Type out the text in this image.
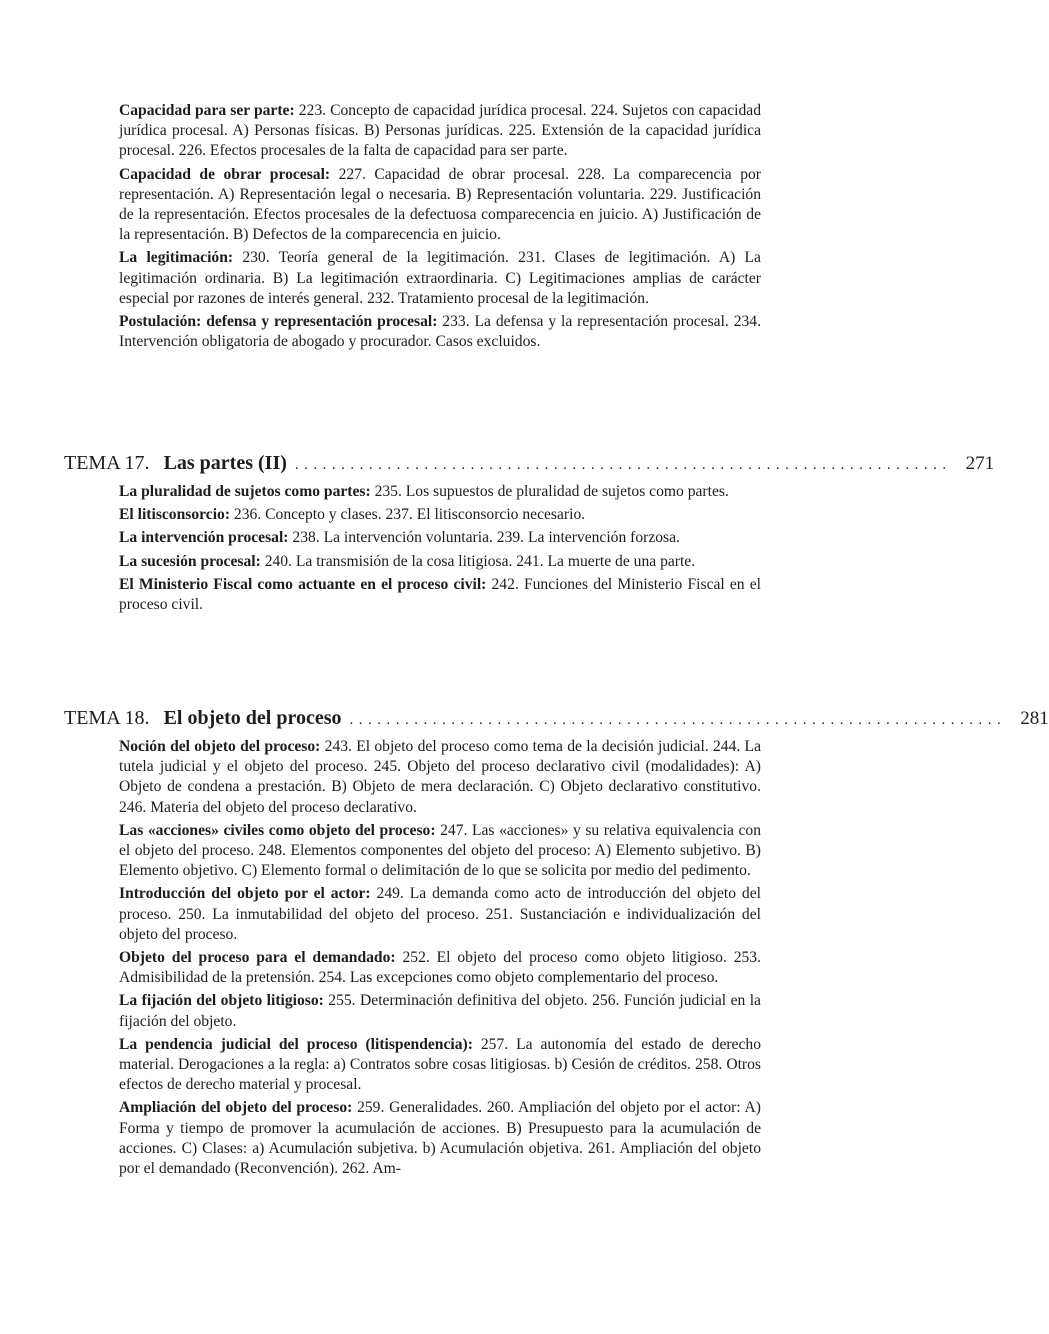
Capacidad para ser parte: 223. Concepto de capacidad jurídica procesal. 224. Sujetos con capacidad jurídica procesal. A) Personas físicas. B) Personas jurídicas. 225. Extensión de la capacidad jurídica procesal. 226. Efectos procesales de la falta de capacidad para ser parte.

Capacidad de obrar procesal: 227. Capacidad de obrar procesal. 228. La comparecencia por representación. A) Representación legal o necesaria. B) Representación voluntaria. 229. Justificación de la representación. Efectos procesales de la defectuosa comparecencia en juicio. A) Justificación de la representación. B) Defectos de la comparecencia en juicio.

La legitimación: 230. Teoría general de la legitimación. 231. Clases de legitimación. A) La legitimación ordinaria. B) La legitimación extraordinaria. C) Legitimaciones amplias de carácter especial por razones de interés general. 232. Tratamiento procesal de la legitimación.

Postulación: defensa y representación procesal: 233. La defensa y la representación procesal. 234. Intervención obligatoria de abogado y procurador. Casos excluidos.

TEMA 17. Las partes (II) ....................................................................... 271

La pluralidad de sujetos como partes: 235. Los supuestos de pluralidad de sujetos como partes.

El litisconsorcio: 236. Concepto y clases. 237. El litisconsorcio necesario.

La intervención procesal: 238. La intervención voluntaria. 239. La intervención forzosa.

La sucesión procesal: 240. La transmisión de la cosa litigiosa. 241. La muerte de una parte.

El Ministerio Fiscal como actuante en el proceso civil: 242. Funciones del Ministerio Fiscal en el proceso civil.

TEMA 18. El objeto del proceso ....................................................................... 281

Noción del objeto del proceso: 243. El objeto del proceso como tema de la decisión judicial. 244. La tutela judicial y el objeto del proceso. 245. Objeto del proceso declarativo civil (modalidades): A) Objeto de condena a prestación. B) Objeto de mera declaración. C) Objeto declarativo constitutivo. 246. Materia del objeto del proceso declarativo.

Las «acciones» civiles como objeto del proceso: 247. Las «acciones» y su relativa equivalencia con el objeto del proceso. 248. Elementos componentes del objeto del proceso: A) Elemento subjetivo. B) Elemento objetivo. C) Elemento formal o delimitación de lo que se solicita por medio del pedimento.

Introducción del objeto por el actor: 249. La demanda como acto de introducción del objeto del proceso. 250. La inmutabilidad del objeto del proceso. 251. Sustanciación e individualización del objeto del proceso.

Objeto del proceso para el demandado: 252. El objeto del proceso como objeto litigioso. 253. Admisibilidad de la pretensión. 254. Las excepciones como objeto complementario del proceso.

La fijación del objeto litigioso: 255. Determinación definitiva del objeto. 256. Función judicial en la fijación del objeto.

La pendencia judicial del proceso (litispendencia): 257. La autonomía del estado de derecho material. Derogaciones a la regla: a) Contratos sobre cosas litigiosas. b) Cesión de créditos. 258. Otros efectos de derecho material y procesal.

Ampliación del objeto del proceso: 259. Generalidades. 260. Ampliación del objeto por el actor: A) Forma y tiempo de promover la acumulación de acciones. B) Presupuesto para la acumulación de acciones. C) Clases: a) Acumulación subjetiva. b) Acumulación objetiva. 261. Ampliación del objeto por el demandado (Reconvención). 262. Am-
